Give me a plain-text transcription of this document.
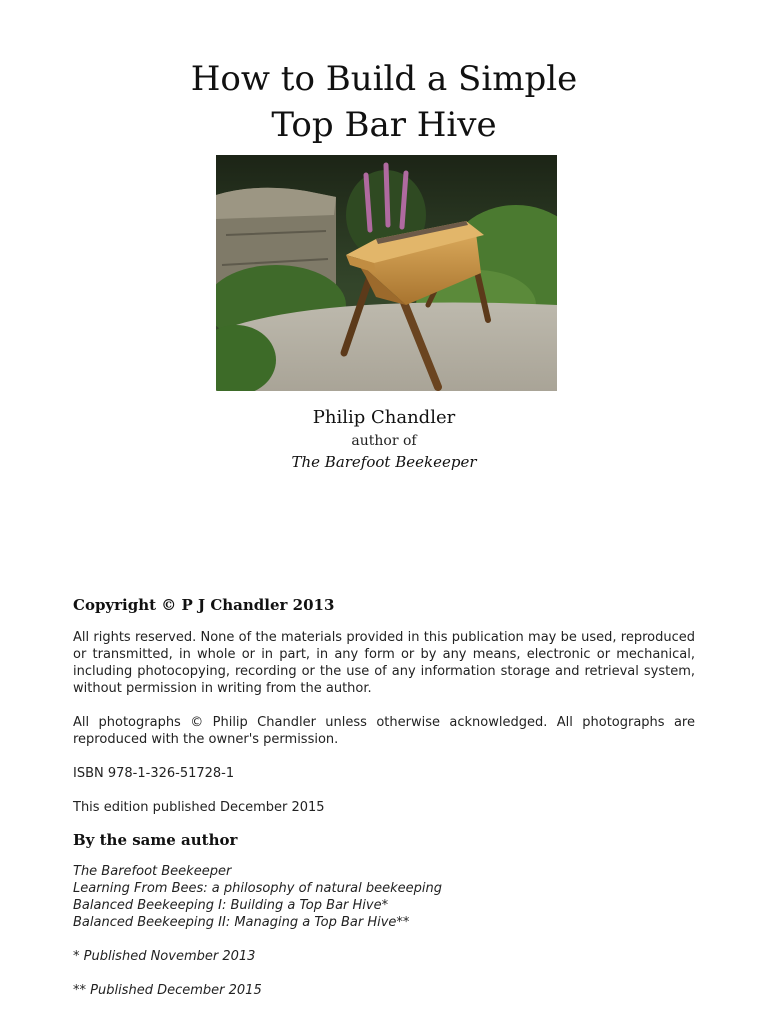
How to Build a Simple
Top Bar Hive
Philip Chandler
author of
The Barefoot Beekeeper

Copyright © P J Chandler 2013

All rights reserved. None of the materials provided in this publication may be used, reproduced or transmitted, in whole or in part, in any form or by any means, electronic or mechanical, including photocopying, recording or the use of any information storage and retrieval system, without permission in writing from the author.

All photographs © Philip Chandler unless otherwise acknowledged. All photographs are reproduced with the owner's permission.

ISBN 978-1-326-51728-1

This edition published December 2015

By the same author

The Barefoot Beekeeper

Learning From Bees: a philosophy of natural beekeeping

Balanced Beekeeping I: Building a Top Bar Hive*

Balanced Beekeeping II: Managing a Top Bar Hive**

* Published November 2013

** Published December 2015
